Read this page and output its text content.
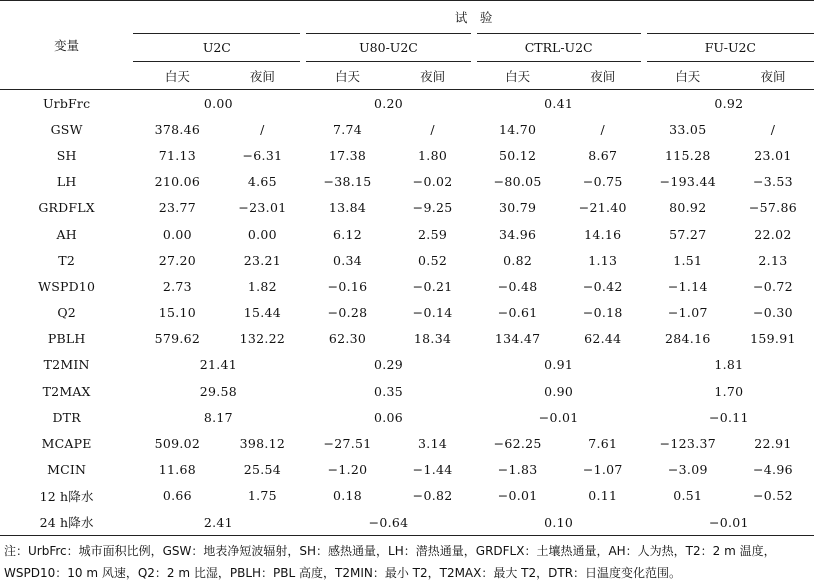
变量	试　验							
	U2C		U80-U2C		CTRL-U2C		FU-U2C	
	白天	夜间	白天	夜间	白天	夜间	白天	夜间
UrbFrc	0.00		0.20		0.41		0.92	
GSW	378.46	/	7.74	/	14.70	/	33.05	/
SH	71.13	−6.31	17.38	1.80	50.12	8.67	115.28	23.01
LH	210.06	4.65	−38.15	−0.02	−80.05	−0.75	−193.44	−3.53
GRDFLX	23.77	−23.01	13.84	−9.25	30.79	−21.40	80.92	−57.86
AH	0.00	0.00	6.12	2.59	34.96	14.16	57.27	22.02
T2	27.20	23.21	0.34	0.52	0.82	1.13	1.51	2.13
WSPD10	2.73	1.82	−0.16	−0.21	−0.48	−0.42	−1.14	−0.72
Q2	15.10	15.44	−0.28	−0.14	−0.61	−0.18	−1.07	−0.30
PBLH	579.62	132.22	62.30	18.34	134.47	62.44	284.16	159.91
T2MIN	21.41		0.29		0.91		1.81	
T2MAX	29.58		0.35		0.90		1.70	
DTR	8.17		0.06		−0.01		−0.11	
MCAPE	509.02	398.12	−27.51	3.14	−62.25	7.61	−123.37	22.91
MCIN	11.68	25.54	−1.20	−1.44	−1.83	−1.07	−3.09	−4.96
12 h降水	0.66	1.75	0.18	−0.82	−0.01	0.11	0.51	−0.52
24 h降水	2.41		−0.64		0.10		−0.01	
注：UrbFrc：城市面积比例，GSW：地表净短波辐射，SH：感热通量，LH：潜热通量，GRDFLX：土壤热通量，AH：人为热，T2：2 m 温度，
WSPD10：10 m 风速，Q2：2 m 比湿，PBLH：PBL 高度，T2MIN：最小 T2，T2MAX：最大 T2，DTR：日温度变化范围。
